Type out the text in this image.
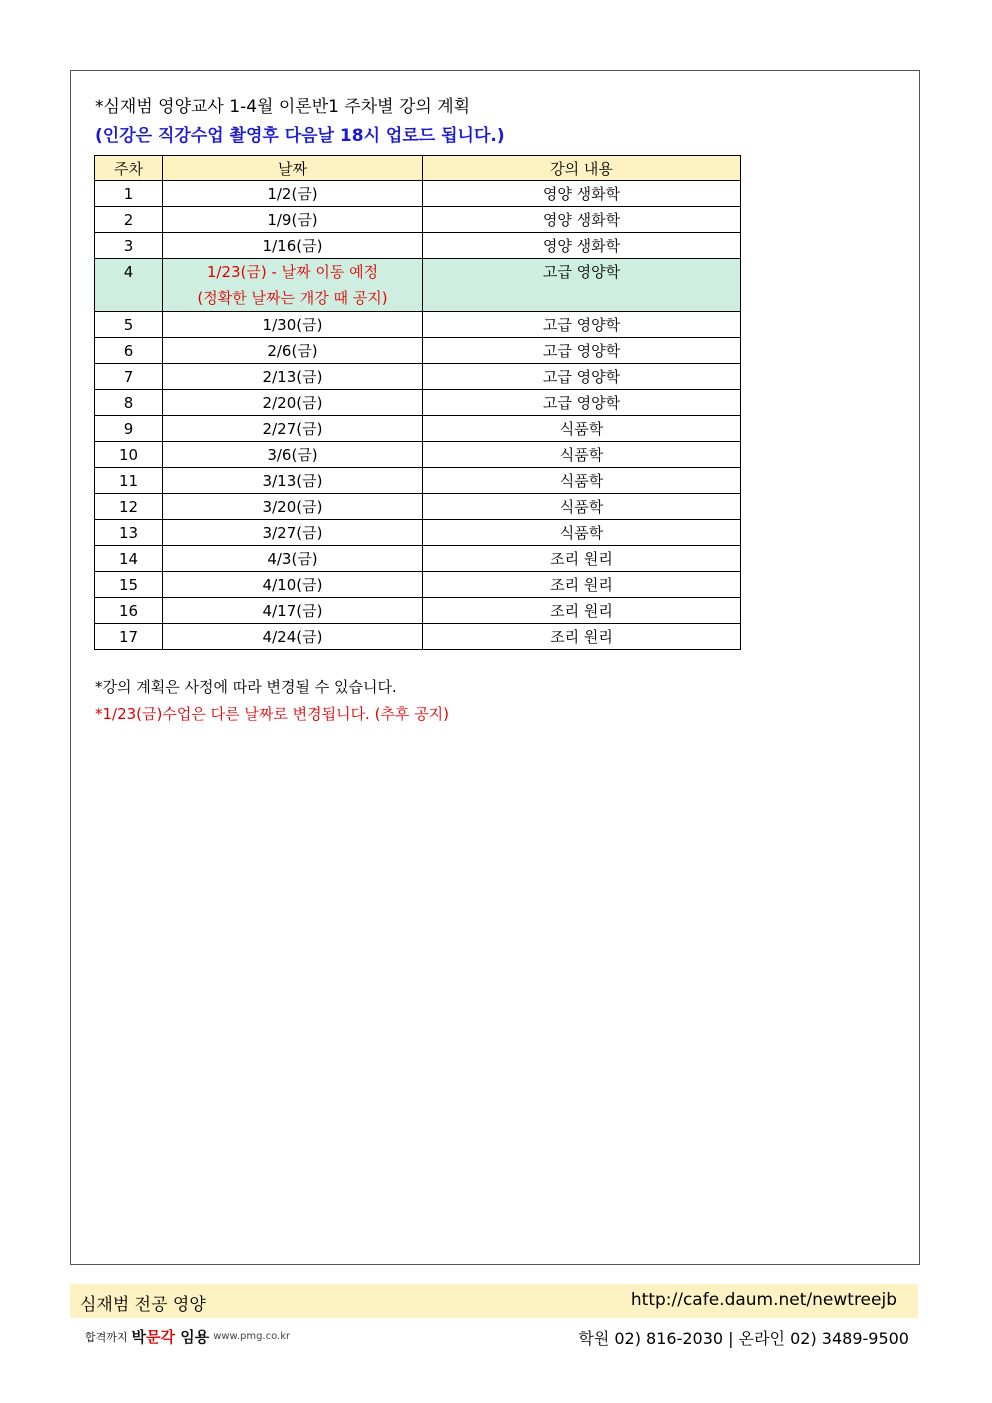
*심재범 영양교사 1-4월 이론반1 주차별 강의 계획
(인강은 직강수업 촬영후 다음날 18시 업로드 됩니다.)
주차	날짜	강의 내용
1	1/2(금)	영양 생화학
2	1/9(금)	영양 생화학
3	1/16(금)	영양 생화학
4	1/23(금) - 날짜 이동 예정
(정확한 날짜는 개강 때 공지)	고급 영양학
5	1/30(금)	고급 영양학
6	2/6(금)	고급 영양학
7	2/13(금)	고급 영양학
8	2/20(금)	고급 영양학
9	2/27(금)	식품학
10	3/6(금)	식품학
11	3/13(금)	식품학
12	3/20(금)	식품학
13	3/27(금)	식품학
14	4/3(금)	조리 원리
15	4/10(금)	조리 원리
16	4/17(금)	조리 원리
17	4/24(금)	조리 원리
*강의 계획은 사정에 따라 변경될 수 있습니다.
*1/23(금)수업은 다른 날짜로 변경됩니다. (추후 공지)
심재범 전공 영양	http://cafe.daum.net/newtreejb
합격까지 박문각 임용 www.pmg.co.kr	학원 02) 816-2030 | 온라인 02) 3489-9500
